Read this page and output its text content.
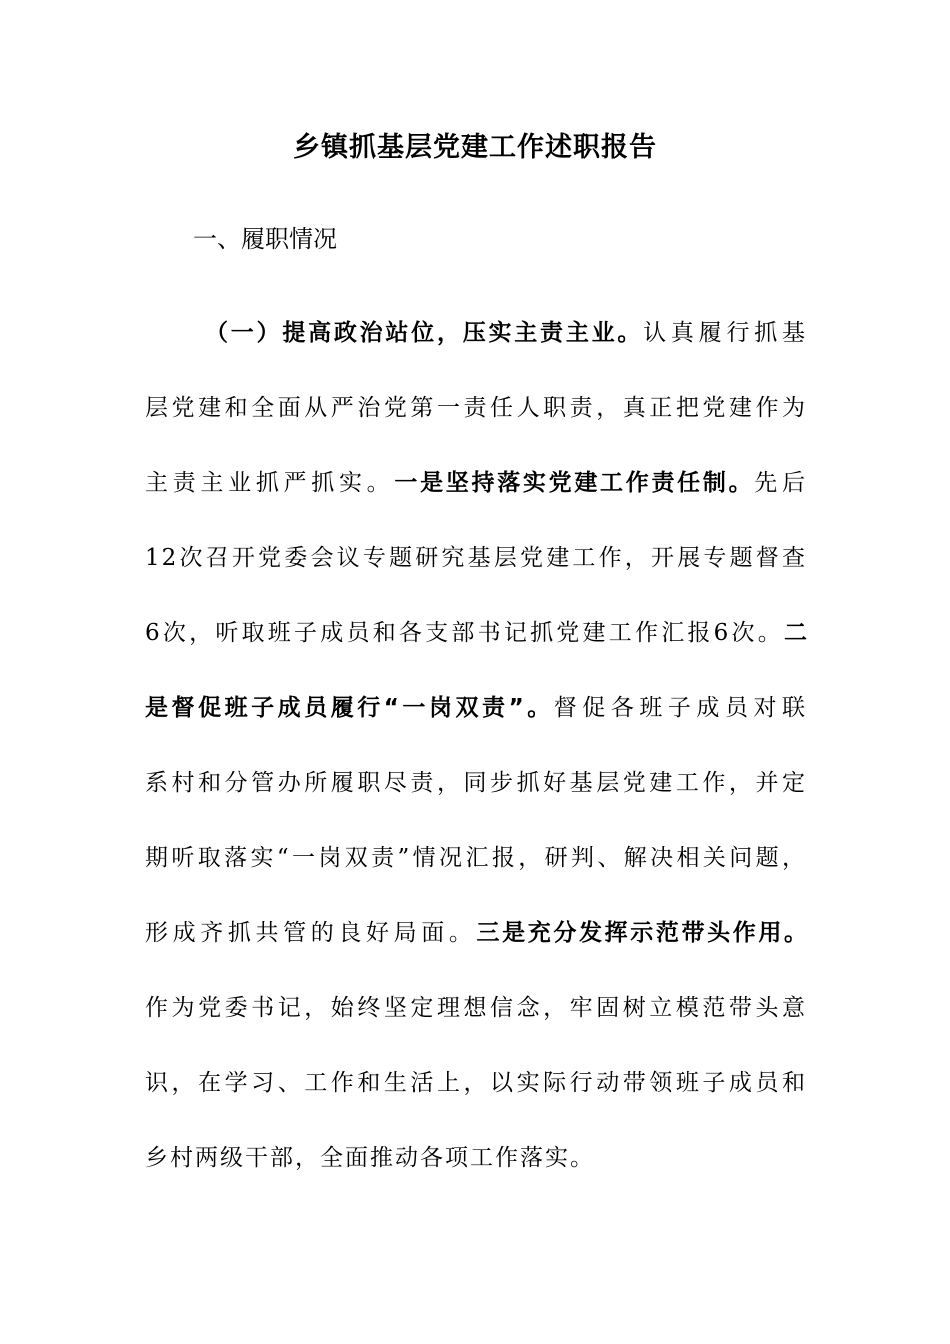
乡镇抓基层党建工作述职报告

一、履职情况

（一）提高政治站位，压实主责主业。认真履行抓基
层党建和全面从严治党第一责任人职责，真正把党建作为
主责主业抓严抓实。一是坚持落实党建工作责任制。先后
12次召开党委会议专题研究基层党建工作，开展专题督查
6次，听取班子成员和各支部书记抓党建工作汇报6次。二
是督促班子成员履行“一岗双责”。督促各班子成员对联
系村和分管办所履职尽责，同步抓好基层党建工作，并定
期听取落实“一岗双责”情况汇报，研判、解决相关问题，
形成齐抓共管的良好局面。三是充分发挥示范带头作用。
作为党委书记，始终坚定理想信念，牢固树立模范带头意
识，在学习、工作和生活上，以实际行动带领班子成员和
乡村两级干部，全面推动各项工作落实。
